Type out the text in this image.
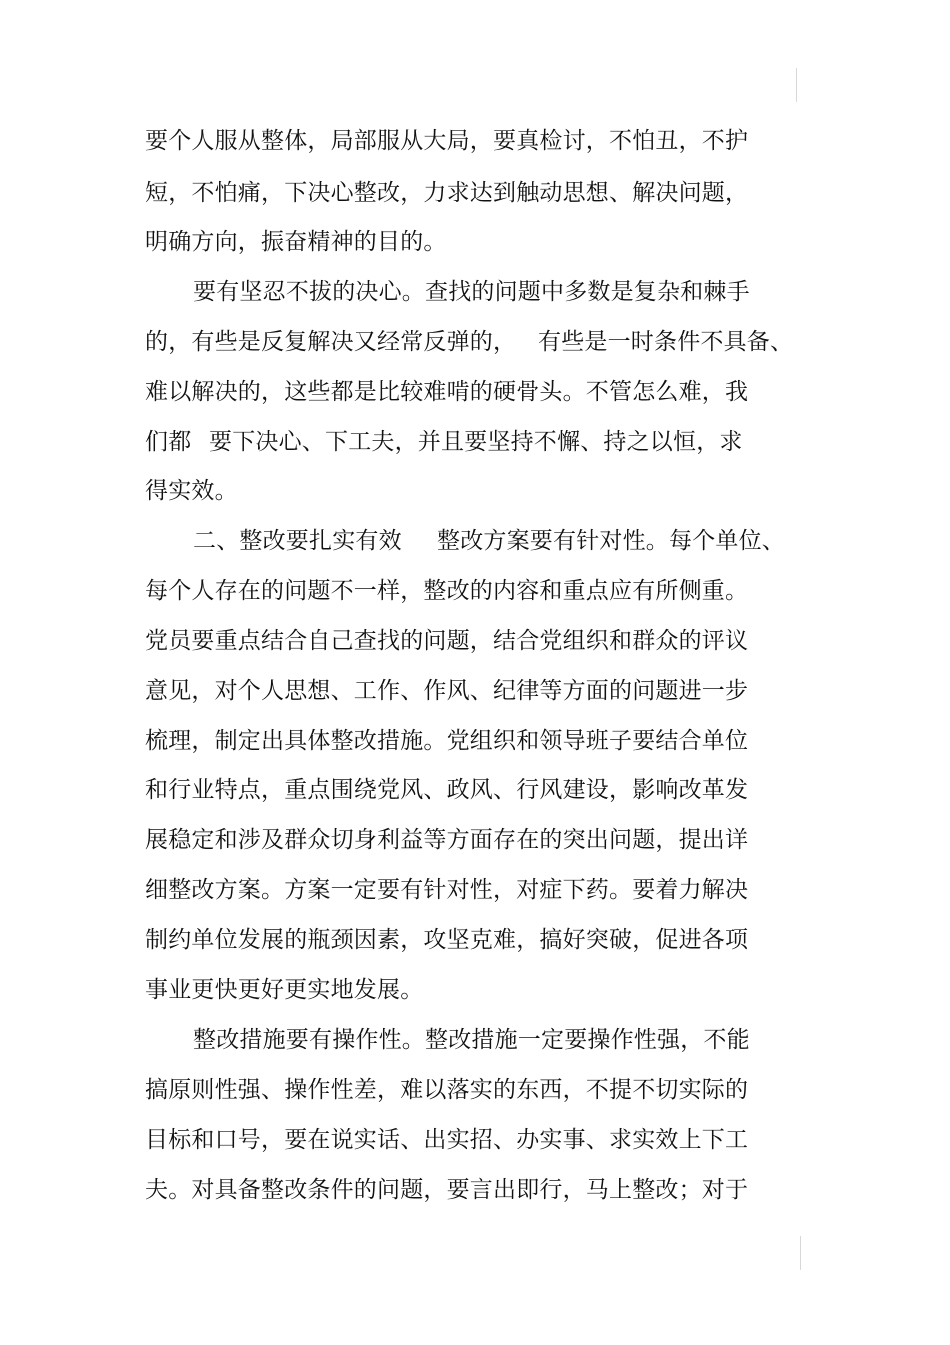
要个人服从整体，局部服从大局，要真检讨，不怕丑，不护
短，不怕痛，下决心整改，力求达到触动思想、解决问题，
明确方向，振奋精神的目的。
要有坚忍不拔的决心。查找的问题中多数是复杂和棘手
的，有些是反复解决又经常反弹的， 有些是一时条件不具备、
难以解决的，这些都是比较难啃的硬骨头。不管怎么难，我
们都 要下决心、下工夫，并且要坚持不懈、持之以恒，求
得实效。
二、整改要扎实有效 整改方案要有针对性。每个单位、
每个人存在的问题不一样，整改的内容和重点应有所侧重。
党员要重点结合自己查找的问题，结合党组织和群众的评议
意见，对个人思想、工作、作风、纪律等方面的问题进一步
梳理，制定出具体整改措施。党组织和领导班子要结合单位
和行业特点，重点围绕党风、政风、行风建设，影响改革发
展稳定和涉及群众切身利益等方面存在的突出问题，提出详
细整改方案。方案一定要有针对性，对症下药。要着力解决
制约单位发展的瓶颈因素，攻坚克难，搞好突破，促进各项
事业更快更好更实地发展。
整改措施要有操作性。整改措施一定要操作性强，不能
搞原则性强、操作性差，难以落实的东西，不提不切实际的
目标和口号，要在说实话、出实招、办实事、求实效上下工
夫。对具备整改条件的问题，要言出即行，马上整改；对于
